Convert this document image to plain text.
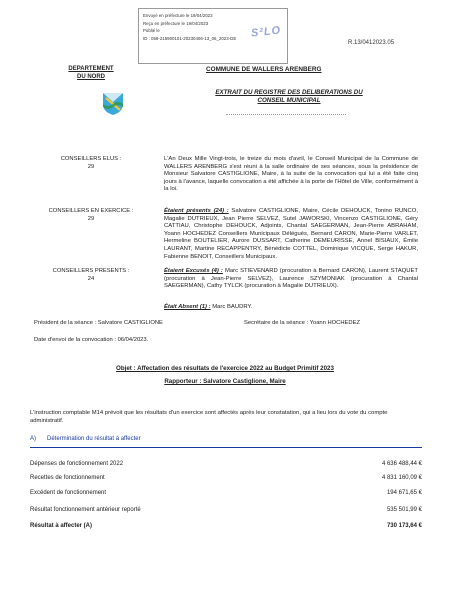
Envoyé en préfecture le 19/04/2023
Reçu en préfecture le 19/04/2023
Publié le
ID : 059-215900101-20230406-13_06_2023-DE	S²LO
R.13/0412023.05
DEPARTEMENT
DU NORD
COMMUNE DE WALLERS ARENBERG
EXTRAIT DU REGISTRE DES DELIBERATIONS DU
CONSEIL MUNICIPAL
CONSEILLERS ELUS :
29
L'An Deux Mille Vingt-trois, le treize du mois d'avril, le Conseil Municipal de la Commune de WALLERS ARENBERG s'est réuni à la salle ordinaire de ses séances, sous la présidence de Monsieur Salvatore CASTIGLIONE, Maire, à la suite de la convocation qui lui a été faite cinq jours à l'avance, laquelle convocation a été affichée à la porte de l'Hôtel de Ville, conformément à la loi.
CONSEILLERS EN EXERCICE :
29
Étaient présents (24) : Salvatore CASTIGLIONE, Maire, Cécile DEHOUCK, Tonino RUNCO, Magalie DUTRIEUX, Jean Pierre SELVEZ, Sutel JAWORSKI, Vincenzo CASTIGLIONE, Géry CATTIAU, Christophe DEHOUCK, Adjoints, Chantal SAEGERMAN, Jean-Pierre ABRAHAM, Yoann HOCHEDEZ Conseillers Municipaux Délégués, Bernard CARON, Marie-Pierre VARLET, Hermeline BOUTELIER, Aurore DUSSART, Catherine DEMEURISSE, Annel BISIAUX, Émile LAURANT, Martine RECAPPENTRY, Bénédicte COTTEL, Dominique VICQUE, Serge HAKUR, Fabienne BENOIT, Conseillers Municipaux.
CONSEILLERS PRESENTS :
24
Étaient Excusés (4) : Marc STIEVENARD (procuration à Bernard CARON), Laurent STAQUET (procuration à Jean-Pierre SELVEZ), Laurence SZYMONIAK (procuration à Chantal SAEGERMAN), Cathy TYLCK (procuration à Magalie DUTRIEUX).
Était Absent (1) : Marc BAUDRY.
Président de la séance : Salvatore CASTIGLIONE	Secrétaire de la séance : Yoann HOCHEDEZ
Date d'envoi de la convocation : 06/04/2023.
Objet : Affectation des résultats de l'exercice 2022 au Budget Primitif 2023
Rapporteur : Salvatore Castiglione, Maire
L'instruction comptable M14 prévoit que les résultats d'un exercice sont affectés après leur constatation, qui a lieu lors du vote du compte administratif.
A) Détermination du résultat à affecter
Dépenses de fonctionnement 2022	4 636 488,44 €
Recettes de fonctionnement	4 831 160,09 €
Excédent de fonctionnement	194 671,65 €
Résultat fonctionnement antérieur reporté	535 501,99 €
Résultat à affecter (A)	730 173,64 €
